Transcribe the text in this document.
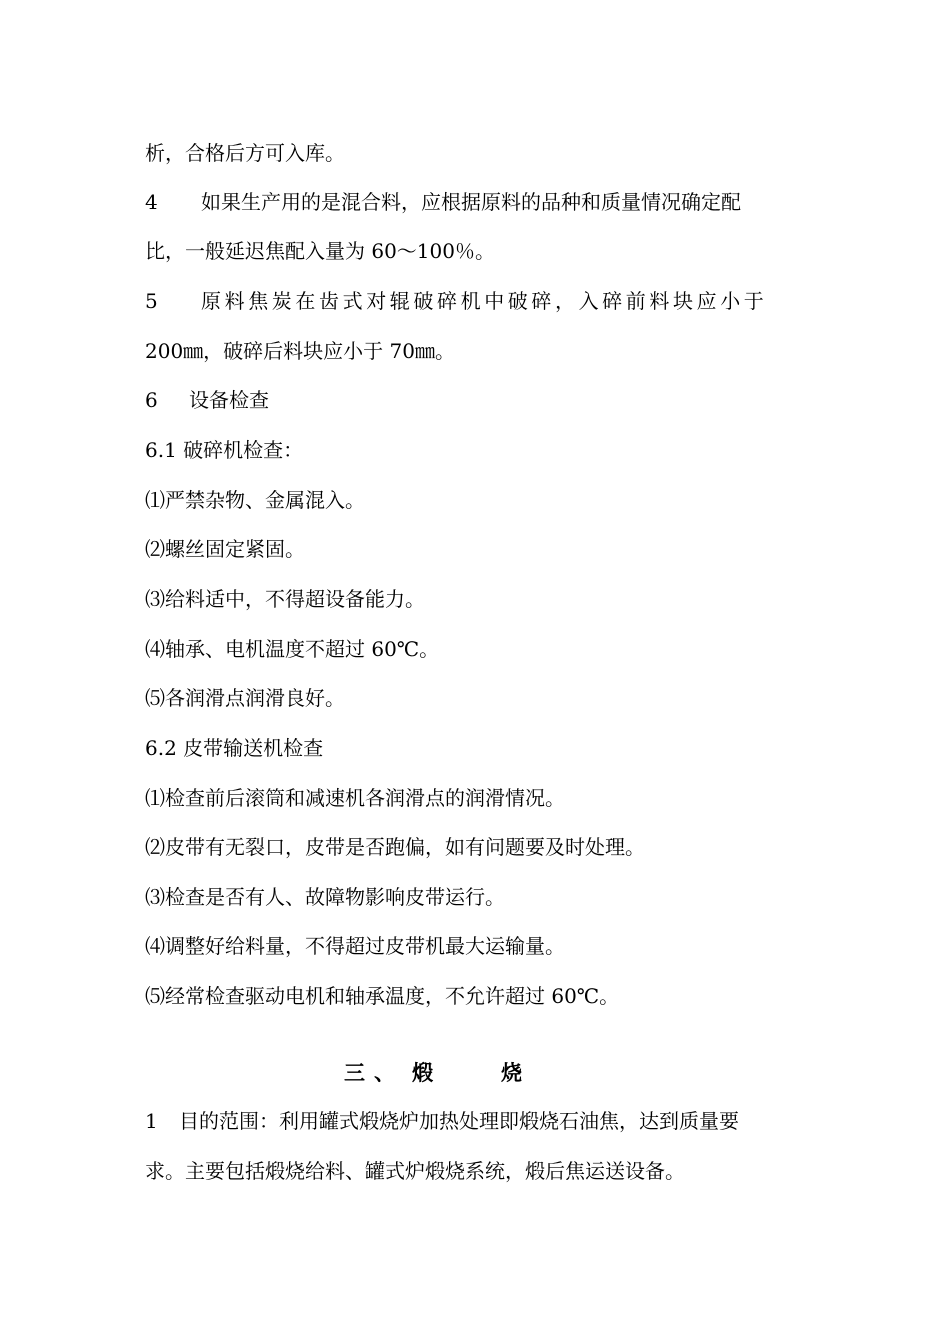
析，合格后方可入库。
4 如果生产用的是混合料，应根据原料的品种和质量情况确定配
比，一般延迟焦配入量为 60～100％。
5 原料焦炭在齿式对辊破碎机中破碎，入碎前料块应小于
200㎜，破碎后料块应小于 70㎜。
6 设备检查
6.1 破碎机检查：
⑴严禁杂物、金属混入。
⑵螺丝固定紧固。
⑶给料适中，不得超设备能力。
⑷轴承、电机温度不超过 60℃。
⑸各润滑点润滑良好。
6.2 皮带输送机检查
⑴检查前后滚筒和减速机各润滑点的润滑情况。
⑵皮带有无裂口，皮带是否跑偏，如有问题要及时处理。
⑶检查是否有人、故障物影响皮带运行。
⑷调整好给料量，不得超过皮带机最大运输量。
⑸经常检查驱动电机和轴承温度，不允许超过 60℃。
三 、 煅	烧
1 目的范围：利用罐式煅烧炉加热处理即煅烧石油焦，达到质量要
求。主要包括煅烧给料、罐式炉煅烧系统，煅后焦运送设备。
